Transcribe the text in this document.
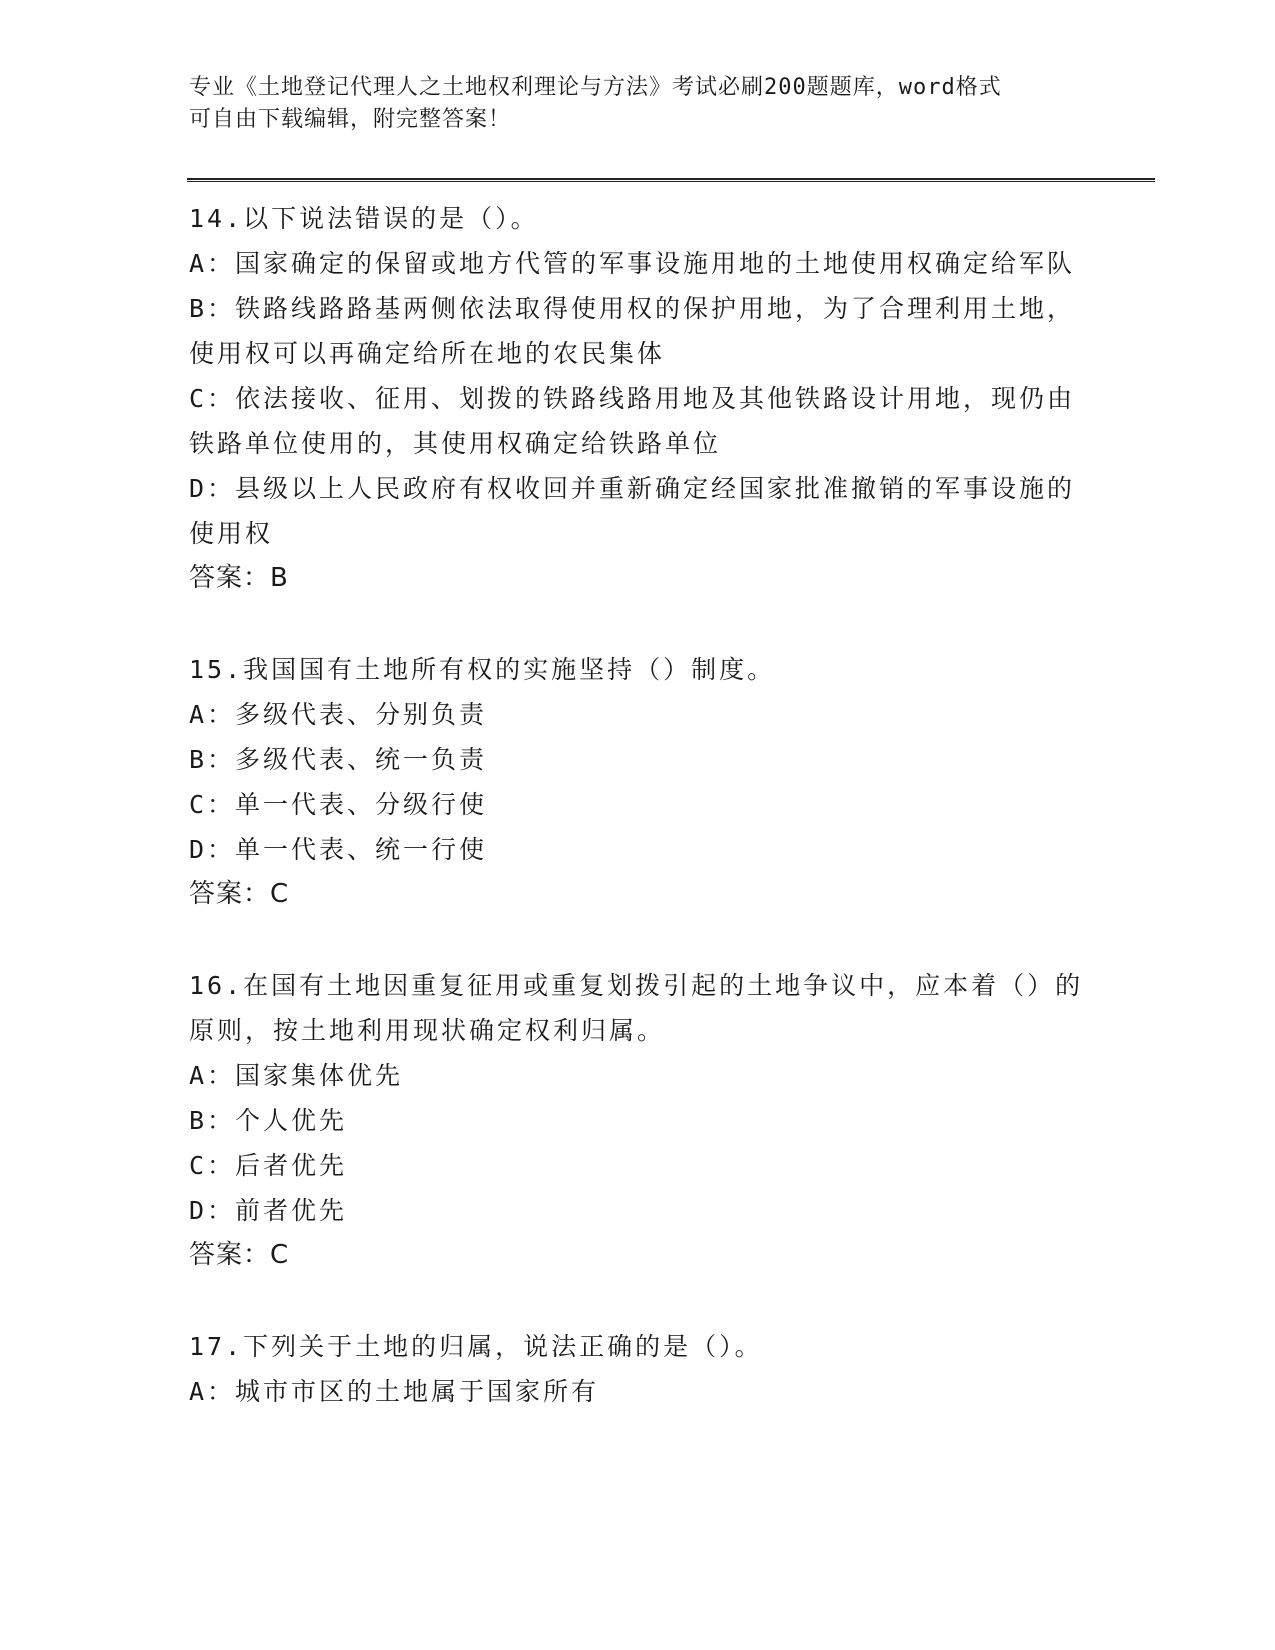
专业《土地登记代理人之土地权利理论与方法》考试必刷200题题库，word格式
可自由下载编辑，附完整答案！

14.以下说法错误的是（）。

A：国家确定的保留或地方代管的军事设施用地的土地使用权确定给军队

B：铁路线路路基两侧依法取得使用权的保护用地，为了合理利用土地，使用权可以再确定给所在地的农民集体

C：依法接收、征用、划拨的铁路线路用地及其他铁路设计用地，现仍由铁路单位使用的，其使用权确定给铁路单位

D：县级以上人民政府有权收回并重新确定经国家批准撤销的军事设施的使用权

答案：B

15.我国国有土地所有权的实施坚持（）制度。

A：多级代表、分别负责

B：多级代表、统一负责

C：单一代表、分级行使

D：单一代表、统一行使

答案：C

16.在国有土地因重复征用或重复划拨引起的土地争议中，应本着（）的原则，按土地利用现状确定权利归属。

A：国家集体优先

B：个人优先

C：后者优先

D：前者优先

答案：C

17.下列关于土地的归属，说法正确的是（）。

A：城市市区的土地属于国家所有
